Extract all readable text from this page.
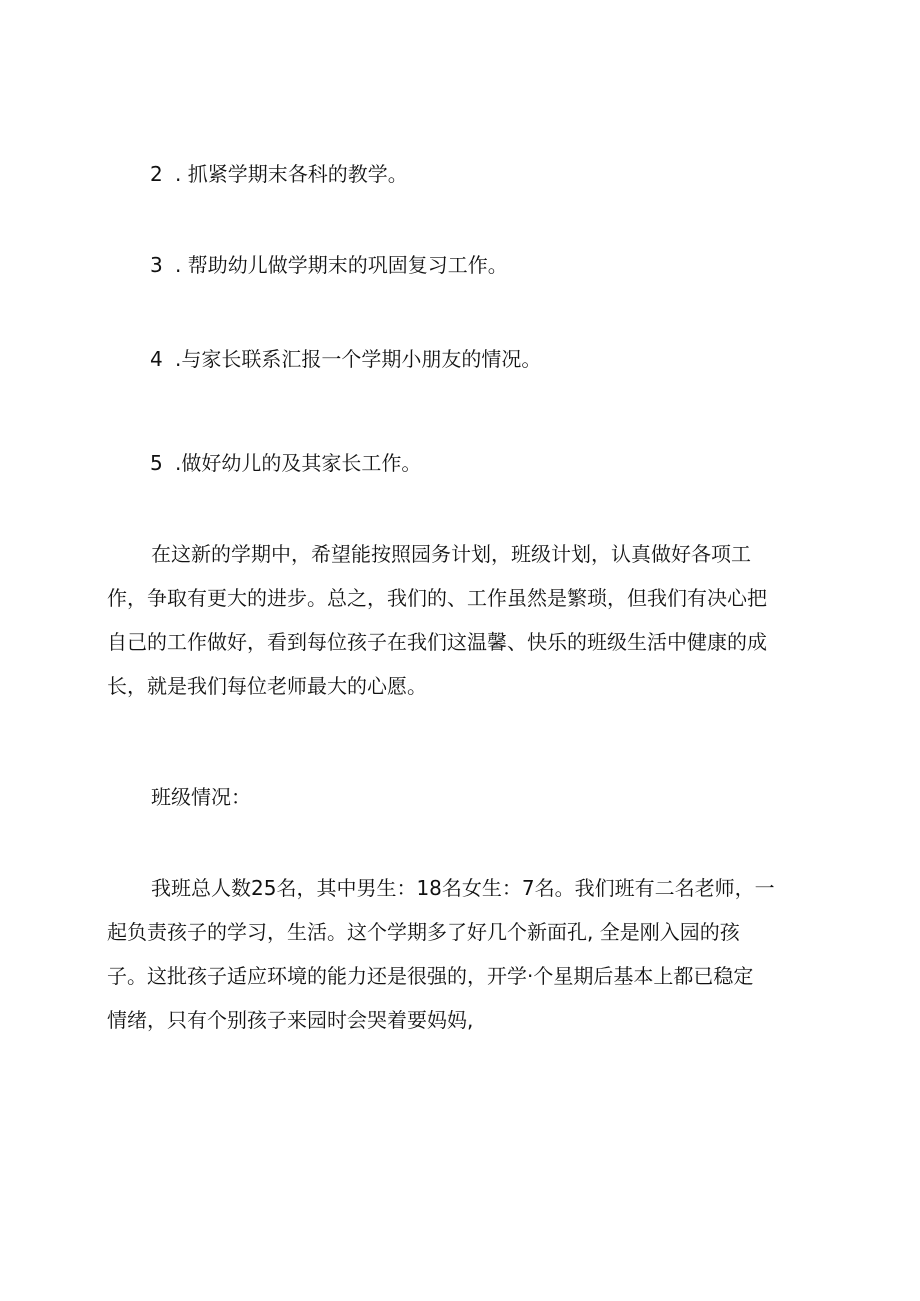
2 . 抓紧学期末各科的教学。
3 . 帮助幼儿做学期末的巩固复习工作。
4 .与家长联系汇报一个学期小朋友的情况。
5 .做好幼儿的及其家长工作。
在这新的学期中，希望能按照园务计划，班级计划，认真做好各项工
作，争取有更大的进步。总之，我们的、工作虽然是繁琐，但我们有决心把
自己的工作做好，看到每位孩子在我们这温馨、快乐的班级生活中健康的成
长，就是我们每位老师最大的心愿。
班级情况：
我班总人数25名，其中男生：18名女生：7名。我们班有二名老师，一
起负责孩子的学习，生活。这个学期多了好几个新面孔, 全是刚入园的孩
子。这批孩子适应环境的能力还是很强的，开学·个星期后基本上都已稳定
情绪，只有个别孩子来园时会哭着要妈妈,
